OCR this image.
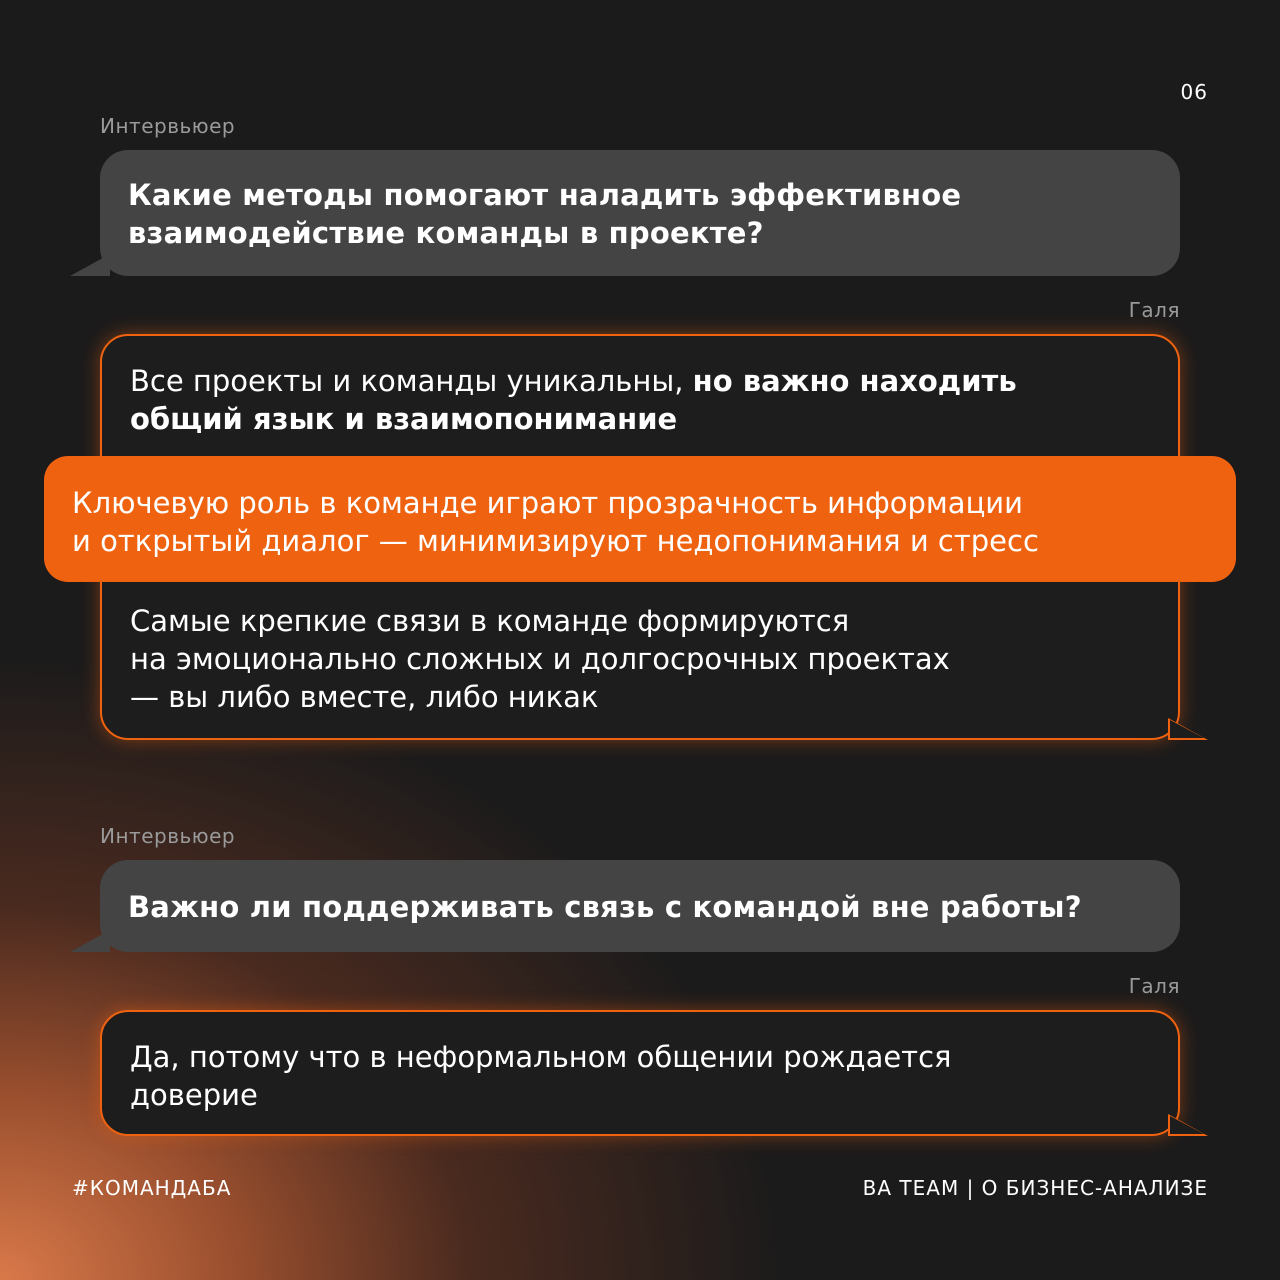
06
Интервьюер
Какие методы помогают наладить эффективное
взаимодействие команды в проекте?
Галя
Все проекты и команды уникальны, но важно находить
общий язык и взаимопонимание
Самые крепкие связи в команде формируются
на эмоционально сложных и долгосрочных проектах
— вы либо вместе, либо никак
Ключевую роль в команде играют прозрачность информации
и открытый диалог — минимизируют недопонимания и стресс
Интервьюер
Важно ли поддерживать связь с командой вне работы?
Галя
Да, потому что в неформальном общении рождается
доверие
#КОМАНДАБА	BA TEAM | О БИЗНЕС-АНАЛИЗЕ
